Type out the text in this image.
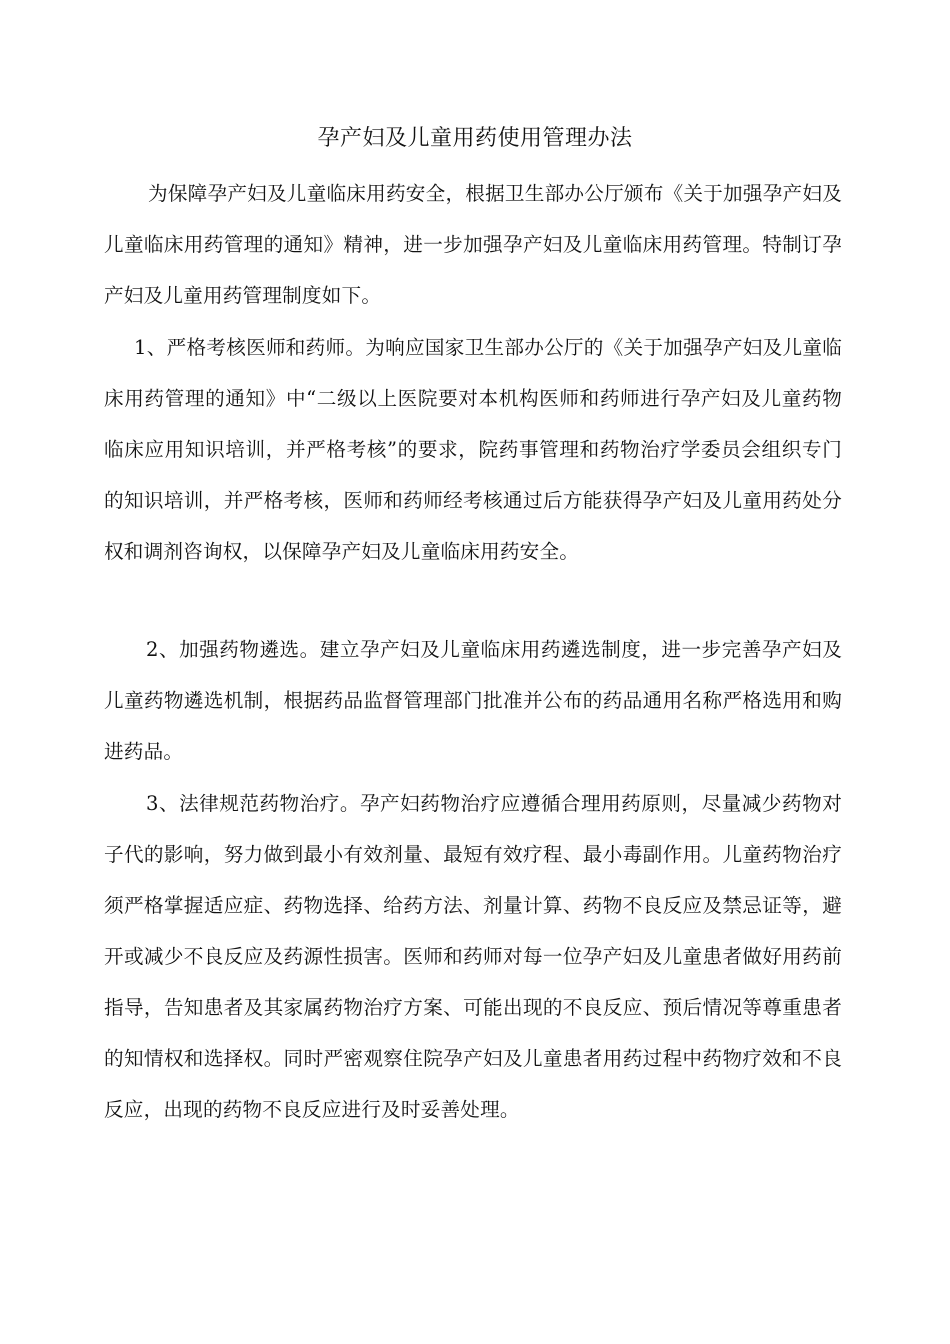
孕产妇及儿童用药使用管理办法
为保障孕产妇及儿童临床用药安全，根据卫生部办公厅颁布《关于加强孕产妇及儿童临床用药管理的通知》精神，进一步加强孕产妇及儿童临床用药管理。特制订孕产妇及儿童用药管理制度如下。
1、严格考核医师和药师。为响应国家卫生部办公厅的《关于加强孕产妇及儿童临床用药管理的通知》中“二级以上医院要对本机构医师和药师进行孕产妇及儿童药物临床应用知识培训，并严格考核”的要求，院药事管理和药物治疗学委员会组织专门的知识培训，并严格考核，医师和药师经考核通过后方能获得孕产妇及儿童用药处分权和调剂咨询权，以保障孕产妇及儿童临床用药安全。
2、加强药物遴选。建立孕产妇及儿童临床用药遴选制度，进一步完善孕产妇及儿童药物遴选机制，根据药品监督管理部门批准并公布的药品通用名称严格选用和购进药品。
3、法律规范药物治疗。孕产妇药物治疗应遵循合理用药原则，尽量减少药物对子代的影响，努力做到最小有效剂量、最短有效疗程、最小毒副作用。儿童药物治疗须严格掌握适应症、药物选择、给药方法、剂量计算、药物不良反应及禁忌证等，避开或减少不良反应及药源性损害。医师和药师对每一位孕产妇及儿童患者做好用药前指导，告知患者及其家属药物治疗方案、可能出现的不良反应、预后情况等尊重患者的知情权和选择权。同时严密观察住院孕产妇及儿童患者用药过程中药物疗效和不良反应，出现的药物不良反应进行及时妥善处理。
